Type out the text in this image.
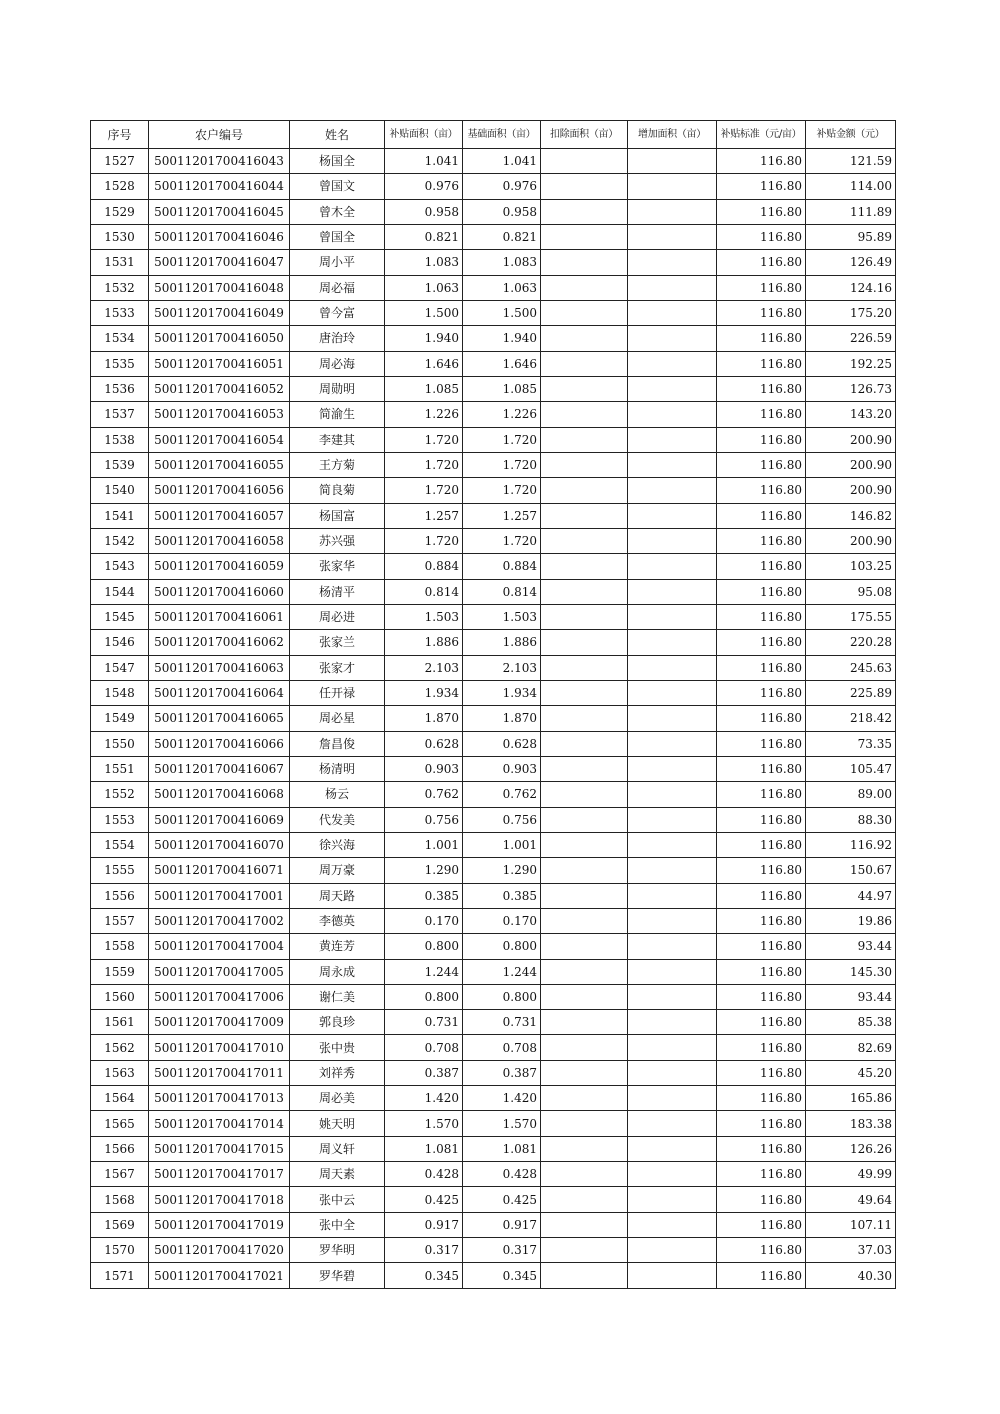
序号	农户编号	姓名	补贴面积（亩）	基础面积（亩）	扣除面积（亩）	增加面积（亩）	补贴标准（元/亩）	补贴金额（元）
1527	50011201700416043	杨国全	1.041	1.041			116.80	121.59
1528	50011201700416044	曾国文	0.976	0.976			116.80	114.00
1529	50011201700416045	曾木全	0.958	0.958			116.80	111.89
1530	50011201700416046	曾国全	0.821	0.821			116.80	95.89
1531	50011201700416047	周小平	1.083	1.083			116.80	126.49
1532	50011201700416048	周必福	1.063	1.063			116.80	124.16
1533	50011201700416049	曾今富	1.500	1.500			116.80	175.20
1534	50011201700416050	唐治玲	1.940	1.940			116.80	226.59
1535	50011201700416051	周必海	1.646	1.646			116.80	192.25
1536	50011201700416052	周勋明	1.085	1.085			116.80	126.73
1537	50011201700416053	简渝生	1.226	1.226			116.80	143.20
1538	50011201700416054	李建其	1.720	1.720			116.80	200.90
1539	50011201700416055	王方菊	1.720	1.720			116.80	200.90
1540	50011201700416056	简良菊	1.720	1.720			116.80	200.90
1541	50011201700416057	杨国富	1.257	1.257			116.80	146.82
1542	50011201700416058	苏兴强	1.720	1.720			116.80	200.90
1543	50011201700416059	张家华	0.884	0.884			116.80	103.25
1544	50011201700416060	杨清平	0.814	0.814			116.80	95.08
1545	50011201700416061	周必进	1.503	1.503			116.80	175.55
1546	50011201700416062	张家兰	1.886	1.886			116.80	220.28
1547	50011201700416063	张家才	2.103	2.103			116.80	245.63
1548	50011201700416064	任开禄	1.934	1.934			116.80	225.89
1549	50011201700416065	周必星	1.870	1.870			116.80	218.42
1550	50011201700416066	詹昌俊	0.628	0.628			116.80	73.35
1551	50011201700416067	杨清明	0.903	0.903			116.80	105.47
1552	50011201700416068	杨云	0.762	0.762			116.80	89.00
1553	50011201700416069	代发美	0.756	0.756			116.80	88.30
1554	50011201700416070	徐兴海	1.001	1.001			116.80	116.92
1555	50011201700416071	周万豪	1.290	1.290			116.80	150.67
1556	50011201700417001	周天路	0.385	0.385			116.80	44.97
1557	50011201700417002	李德英	0.170	0.170			116.80	19.86
1558	50011201700417004	黄连芳	0.800	0.800			116.80	93.44
1559	50011201700417005	周永成	1.244	1.244			116.80	145.30
1560	50011201700417006	谢仁美	0.800	0.800			116.80	93.44
1561	50011201700417009	郭良珍	0.731	0.731			116.80	85.38
1562	50011201700417010	张中贵	0.708	0.708			116.80	82.69
1563	50011201700417011	刘祥秀	0.387	0.387			116.80	45.20
1564	50011201700417013	周必美	1.420	1.420			116.80	165.86
1565	50011201700417014	姚天明	1.570	1.570			116.80	183.38
1566	50011201700417015	周义轩	1.081	1.081			116.80	126.26
1567	50011201700417017	周天素	0.428	0.428			116.80	49.99
1568	50011201700417018	张中云	0.425	0.425			116.80	49.64
1569	50011201700417019	张中全	0.917	0.917			116.80	107.11
1570	50011201700417020	罗华明	0.317	0.317			116.80	37.03
1571	50011201700417021	罗华碧	0.345	0.345			116.80	40.30
